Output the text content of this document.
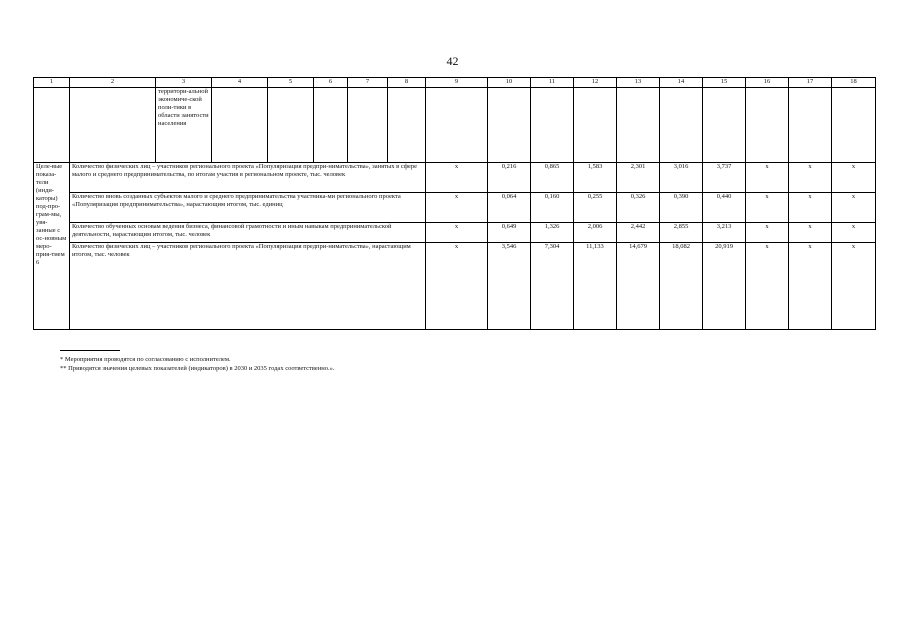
42
1	2	3	4	5	6	7	8	9	10	11	12	13	14	15	16	17	18
		территори-альной экономиче-ской поли-тики в области занятости населения															
Целе-вые показа-тели (инди-каторы) под-про-грам-мы, увя-занные с ос-новным меро-прия-тием 6	Количество физических лиц – участников регионального проекта «Популяризация предпри-нимательства», занятых в сфере малого и среднего предпринимательства, по итогам участия в региональном проекте, тыс. человек							x	0,216	0,865	1,583	2,301	3,016	3,737	x	x	x
	Количество вновь созданных субъектов малого и среднего предпринимательства участника-ми регионального проекта «Популяризация предпринимательства», нарастающим итогом, тыс. единиц							x	0,064	0,160	0,255	0,326	0,390	0,440	x	x	x
	Количество обученных основам ведения бизнеса, финансовой грамотности и иным навыкам предпринимательской деятельности, нарастающим итогом, тыс. человек							x	0,649	1,326	2,006	2,442	2,855	3,213	x	x	x
	Количество физических лиц – участников регионального проекта «Популяризация предпри-нимательства», нарастающим итогом, тыс. человек							x	3,546	7,304	11,133	14,679	18,082	20,919	x	x	x
* Мероприятия проводятся по согласованию с исполнителем.
** Приводятся значения целевых показателей (индикаторов) в 2030 и 2035 годах соответственно.».
